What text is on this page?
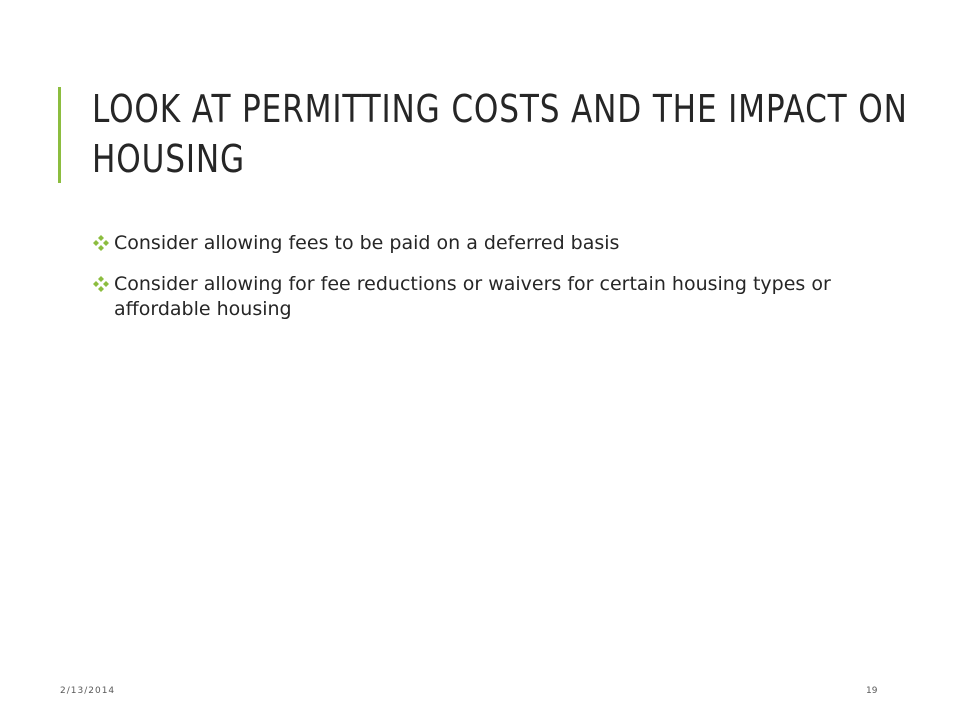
LOOK AT PERMITTING COSTS AND THE IMPACT ON HOUSING
Consider allowing fees to be paid on a deferred basis
Consider allowing for fee reductions or waivers for certain housing types or affordable housing
2/13/2014	19
